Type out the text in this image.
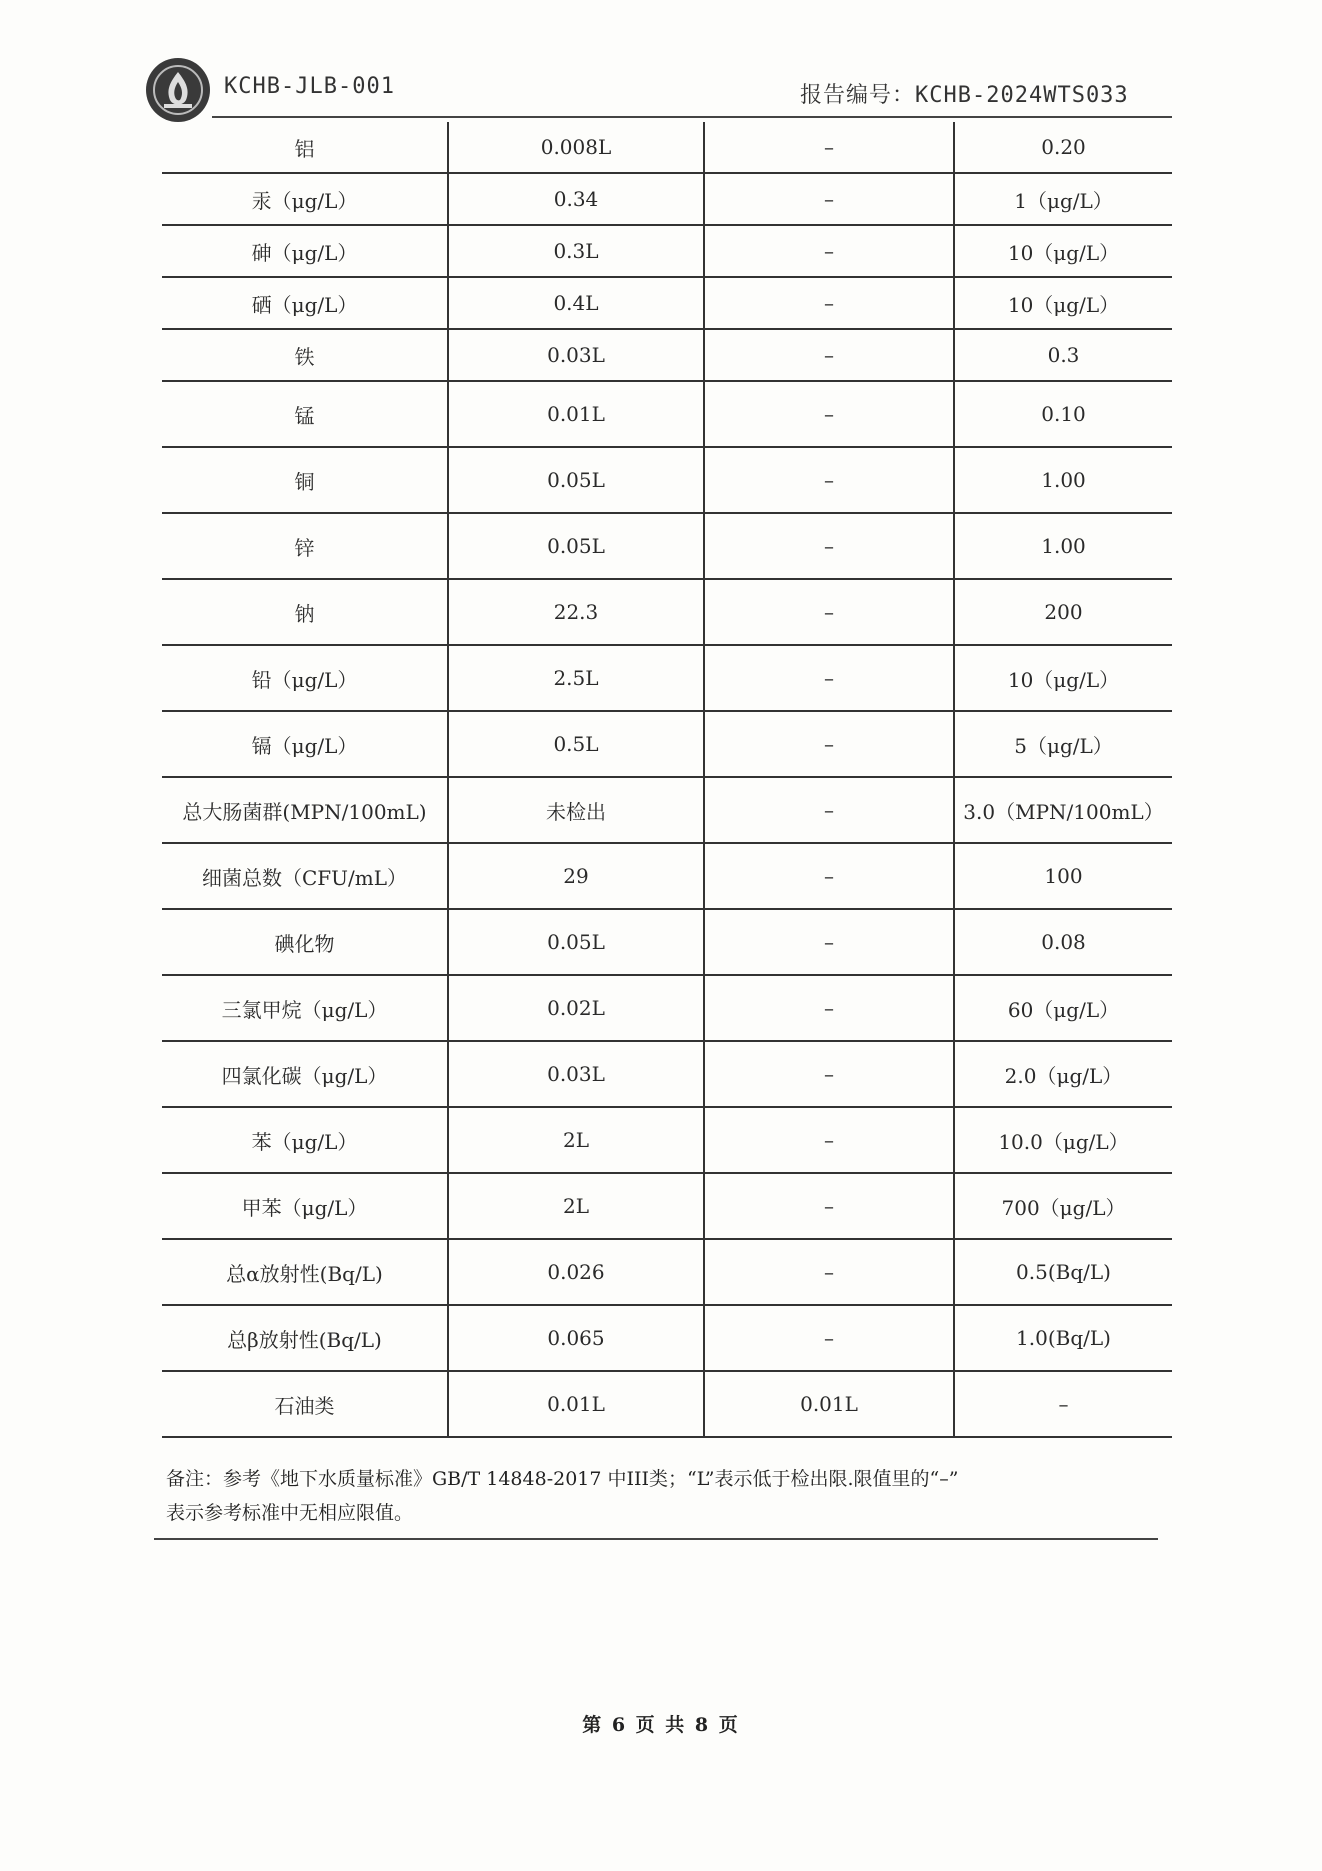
KCHB-JLB-001	报告编号：KCHB-2024WTS033
铝	0.008L	–	0.20
汞（μg/L）	0.34	–	1（μg/L）
砷（μg/L）	0.3L	–	10（μg/L）
硒（μg/L）	0.4L	–	10（μg/L）
铁	0.03L	–	0.3
锰	0.01L	–	0.10
铜	0.05L	–	1.00
锌	0.05L	–	1.00
钠	22.3	–	200
铅（μg/L）	2.5L	–	10（μg/L）
镉（μg/L）	0.5L	–	5（μg/L）
总大肠菌群(MPN/100mL)	未检出	–	3.0（MPN/100mL）
细菌总数（CFU/mL）	29	–	100
碘化物	0.05L	–	0.08
三氯甲烷（μg/L）	0.02L	–	60（μg/L）
四氯化碳（μg/L）	0.03L	–	2.0（μg/L）
苯（μg/L）	2L	–	10.0（μg/L）
甲苯（μg/L）	2L	–	700（μg/L）
总α放射性(Bq/L)	0.026	–	0.5(Bq/L)
总β放射性(Bq/L)	0.065	–	1.0(Bq/L)
石油类	0.01L	0.01L	–
备注：参考《地下水质量标准》GB/T 14848-2017 中III类；“L”表示低于检出限.限值里的“–”
表示参考标准中无相应限值。
第 6 页 共 8 页
